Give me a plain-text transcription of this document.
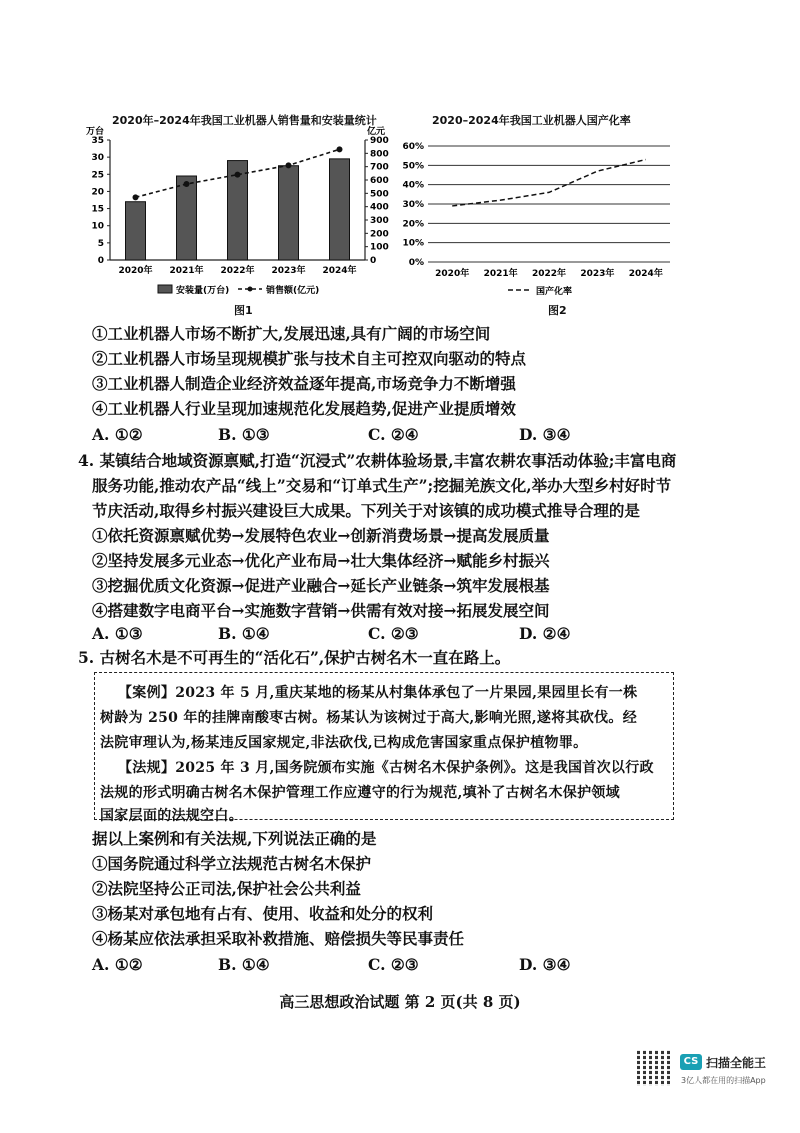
2020年–2024年我国工业机器人销售量和安装量统计
万台	亿元
0
5
10
15
20
25
30
35
0
100
200
300
400
500
600
700
800
900
2020年 2021年 2022年 2023年 2024年
安装量(万台)	销售额(亿元)
图1
2020–2024年我国工业机器人国产化率
0%
10%
20%
30%
40%
50%
60%
2020年 2021年 2022年 2023年 2024年
国产化率
图2
①工业机器人市场不断扩大,发展迅速,具有广阔的市场空间
②工业机器人市场呈现规模扩张与技术自主可控双向驱动的特点
③工业机器人制造企业经济效益逐年提高,市场竞争力不断增强
④工业机器人行业呈现加速规范化发展趋势,促进产业提质增效
A. ①②	B. ①③	C. ②④	D. ③④
4. 某镇结合地域资源禀赋,打造“沉浸式”农耕体验场景,丰富农耕农事活动体验;丰富电商
服务功能,推动农产品“线上”交易和“订单式生产”;挖掘羌族文化,举办大型乡村好时节
节庆活动,取得乡村振兴建设巨大成果。下列关于对该镇的成功模式推导合理的是
①依托资源禀赋优势→发展特色农业→创新消费场景→提高发展质量
②坚持发展多元业态→优化产业布局→壮大集体经济→赋能乡村振兴
③挖掘优质文化资源→促进产业融合→延长产业链条→筑牢发展根基
④搭建数字电商平台→实施数字营销→供需有效对接→拓展发展空间
A. ①③	B. ①④	C. ②③	D. ②④
5. 古树名木是不可再生的“活化石”,保护古树名木一直在路上。
【案例】2023 年 5 月,重庆某地的杨某从村集体承包了一片果园,果园里长有一株
树龄为 250 年的挂牌南酸枣古树。杨某认为该树过于高大,影响光照,遂将其砍伐。经
法院审理认为,杨某违反国家规定,非法砍伐,已构成危害国家重点保护植物罪。
【法规】2025 年 3 月,国务院颁布实施《古树名木保护条例》。这是我国首次以行政
法规的形式明确古树名木保护管理工作应遵守的行为规范,填补了古树名木保护领域
国家层面的法规空白。
据以上案例和有关法规,下列说法正确的是
①国务院通过科学立法规范古树名木保护
②法院坚持公正司法,保护社会公共利益
③杨某对承包地有占有、使用、收益和处分的权利
④杨某应依法承担采取补救措施、赔偿损失等民事责任
A. ①②	B. ①④	C. ②③	D. ③④
高三思想政治试题 第 2 页(共 8 页)
CS 扫描全能王
3亿人都在用的扫描App
